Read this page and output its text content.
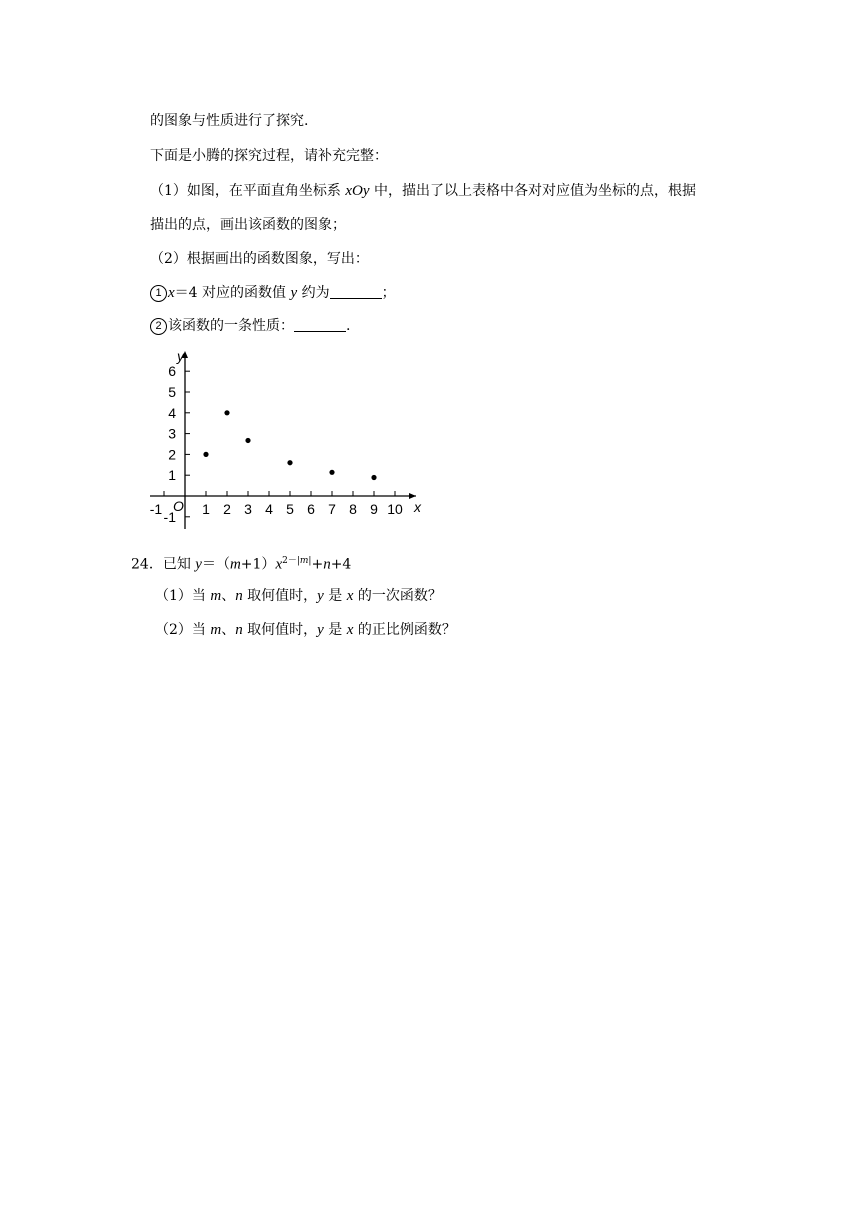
的图象与性质进行了探究.
下面是小腾的探究过程，请补充完整：
（1）如图，在平面直角坐标系 xOy 中，描出了以上表格中各对对应值为坐标的点，根据
描出的点，画出该函数的图象；
（2）根据画出的函数图象，写出：
1 x＝4 对应的函数值 y 约为	；
2 该函数的一条性质：	.
-1	1 2 3 4 5 6 7 8 9 10
-1
1
2
3
4
5
6
x
y
O
24．已知 $y=(m+1)x^{2-|m|}+n+4$
（1）当 m、n 取何值时，y 是 x 的一次函数？
（2）当 m、n 取何值时，y 是 x 的正比例函数？
